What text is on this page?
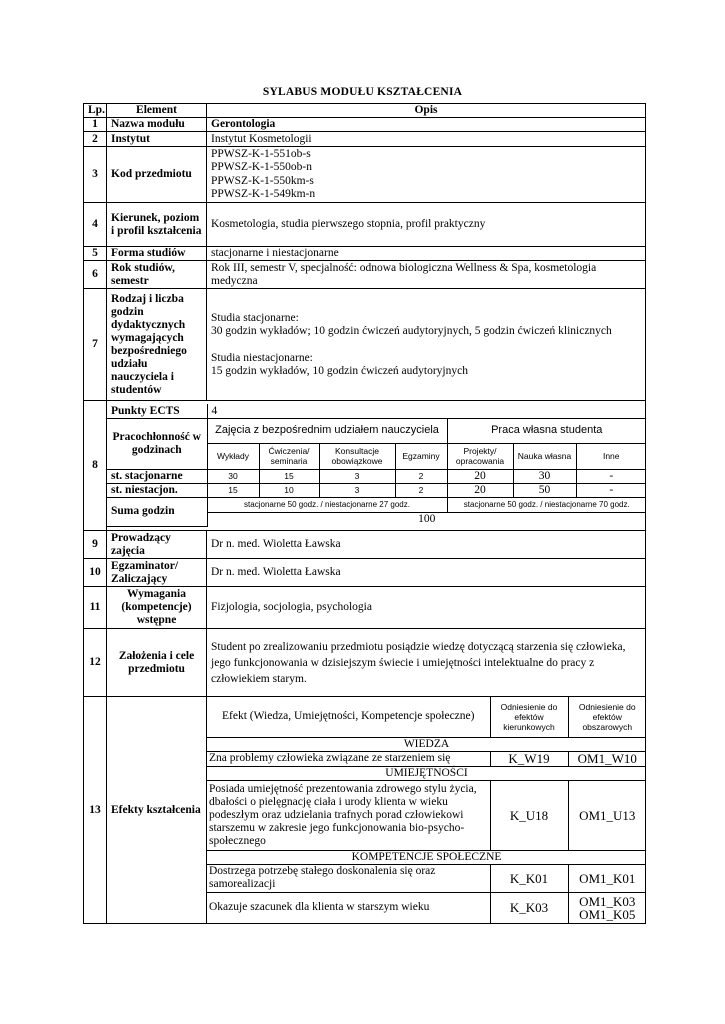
SYLABUS MODUŁU KSZTAŁCENIA
Lp.	Element	Opis
1	Nazwa modułu	Gerontologia
2	Instytut	Instytut Kosmetologii
3	Kod przedmiotu	
PPWSZ-K-1-551ob-s
PPWSZ-K-1-550ob-n
PPWSZ-K-1-550km-s
PPWSZ-K-1-549km-n

4	Kierunek, poziom i profil kształcenia	Kosmetologia, studia pierwszego stopnia, profil praktyczny
5	Forma studiów	stacjonarne i niestacjonarne
6	Rok studiów, semestr	Rok III, semestr V, specjalność: odnowa biologiczna Wellness & Spa, kosmetologia medyczna
7	Rodzaj i liczba godzin dydaktycznych wymagających bezpośredniego udziału nauczyciela i studentów	
Studia stacjonarne:
30 godzin wykładów; 10 godzin ćwiczeń audytoryjnych, 5 godzin ćwiczeń klinicznych
Studia niestacjonarne:
15 godzin wykładów, 10 godzin ćwiczeń audytoryjnych

8	
Punkty ECTS	4
Pracochłonność w godzinach	Zajęcia z bezpośrednim udziałem nauczyciela	Praca własna studenta
Wykłady	Ćwiczenia/ seminaria	Konsultacje obowiązkowe	Egzaminy	Projekty/ opracowania	Nauka własna	Inne
st. stacjonarne	30	15	3	2	20	30	-
st. niestacjon.	15	10	3	2	20	50	-
Suma godzin	stacjonarne 50 godz. / niestacjonarne 27 godz.	stacjonarne 50 godz. / niestacjonarne 70 godz.
100

9	Prowadzący zajęcia	Dr n. med. Wioletta Ławska
10	Egzaminator/ Zaliczający	Dr n. med. Wioletta Ławska
11	Wymagania (kompetencje) wstępne	Fizjologia, socjologia, psychologia
12	Założenia i cele przedmiotu	Student po zrealizowaniu przedmiotu posiądzie wiedzę dotyczącą starzenia się człowieka, jego funkcjonowania w dzisiejszym świecie i umiejętności intelektualne do pracy z człowiekiem starym.
13	Efekty kształcenia	
Efekt (Wiedza, Umiejętności, Kompetencje społeczne)	Odniesienie do efektów kierunkowych	Odniesienie do efektów obszarowych
WIEDZA
Zna problemy człowieka związane ze starzeniem się	K_W19	OM1_W10
UMIEJĘTNOŚCI
Posiada umiejętność prezentowania zdrowego stylu życia, dbałości o pielęgnację ciała i urody klienta w wieku podeszłym oraz udzielania trafnych porad człowiekowi starszemu w zakresie jego funkcjonowania bio-psycho-społecznego	K_U18	OM1_U13
KOMPETENCJE SPOŁECZNE
Dostrzega potrzebę stałego doskonalenia się oraz samorealizacji	K_K01	OM1_K01
Okazuje szacunek dla klienta w starszym wieku	K_K03	OM1_K03
OM1_K05
